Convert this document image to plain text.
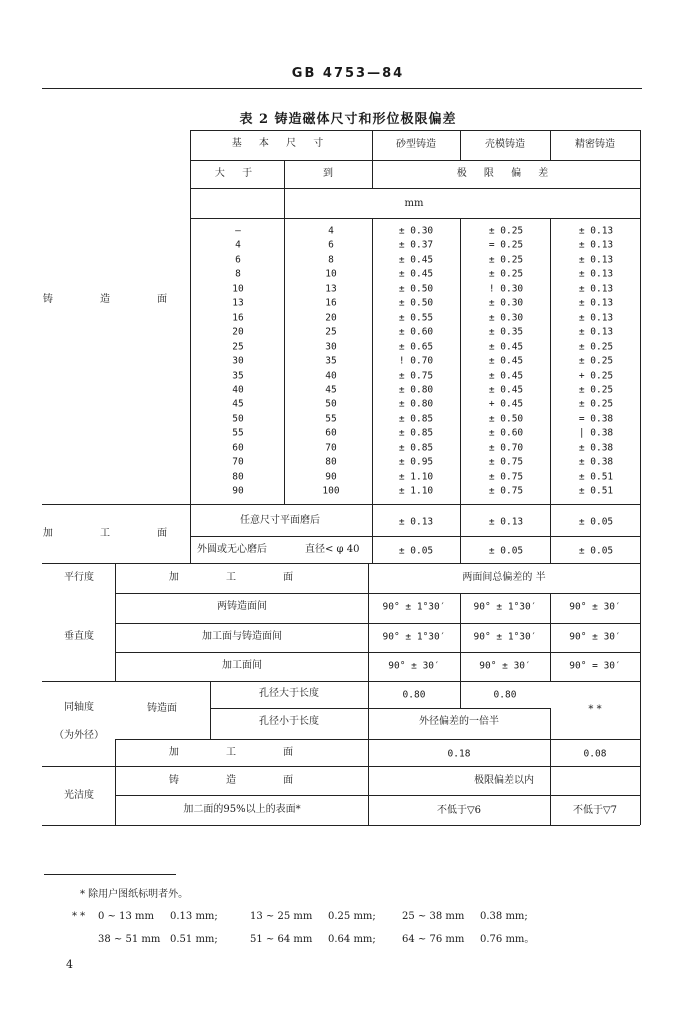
GB 4753—84
表 2 铸造磁体尺寸和形位极限偏差
基 本 尺 寸	砂型铸造	壳模铸造	精密铸造
大 于	到	极 限 偏 差
mm
铸 造 面
—	4	± 0.30	± 0.25	± 0.13
4	6	± 0.37	= 0.25	± 0.13
6	8	± 0.45	± 0.25	± 0.13
8	10	± 0.45	± 0.25	± 0.13
10	13	± 0.50	! 0.30	± 0.13
13	16	± 0.50	± 0.30	± 0.13
16	20	± 0.55	± 0.30	± 0.13
20	25	± 0.60	± 0.35	± 0.13
25	30	± 0.65	± 0.45	± 0.25
30	35	! 0.70	± 0.45	± 0.25
35	40	± 0.75	± 0.45	+ 0.25
40	45	± 0.80	± 0.45	± 0.25
45	50	± 0.80	+ 0.45	± 0.25
50	55	± 0.85	± 0.50	= 0.38
55	60	± 0.85	± 0.60	| 0.38
60	70	± 0.85	± 0.70	± 0.38
70	80	± 0.95	± 0.75	± 0.38
80	90	± 1.10	± 0.75	± 0.51
90	100	± 1.10	± 0.75	± 0.51
加 工 面
任意尺寸平面磨后	± 0.13	± 0.13	± 0.05
外圆或无心磨后	直径< φ 40	± 0.05	± 0.05	± 0.05
平行度	加 工 面	两面间总偏差的 半
垂直度
两铸造面间	90° ± 1°30′	90° ± 1°30′	90° ± 30′
加工面与铸造面间	90° ± 1°30′	90° ± 1°30′	90° ± 30′
加工面间	90° ± 30′	90° ± 30′	90° = 30′
同轴度
（为外径）
铸造面
孔径大于长度	0.80	0.80
孔径小于长度	外径偏差的一倍半
* *
加 工 面	0.18	0.08
光洁度
铸 造 面	极限偏差以内
加二面的95%以上的表面*	不低于▽6	不低于▽7
* 除用户图纸标明者外。
* * 0 ~ 13 mm 0.13 mm;	13 ~ 25 mm 0.25 mm;	25 ~ 38 mm 0.38 mm;
38 ~ 51 mm 0.51 mm;	51 ~ 64 mm 0.64 mm;	64 ~ 76 mm 0.76 mm。
4
